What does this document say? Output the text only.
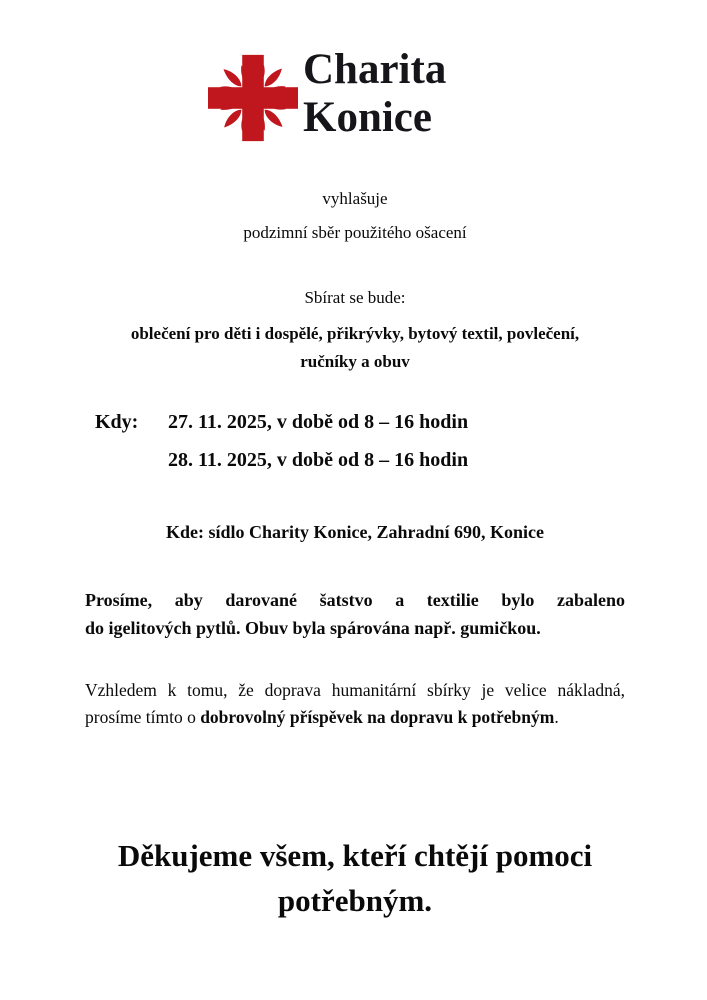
Charita
Konice
vyhlašuje
podzimní sběr použitého ošacení
Sbírat se bude:
oblečení pro děti i dospělé, přikrývky, bytový textil, povlečení,
ručníky a obuv
Kdy:	27. 11. 2025, v době od 8 – 16 hodin
28. 11. 2025, v době od 8 – 16 hodin
Kde: sídlo Charity Konice, Zahradní 690, Konice
Prosíme, aby darované šatstvo a textilie bylo zabaleno
do igelitových pytlů. Obuv byla spárována např. gumičkou.
Vzhledem k tomu, že doprava humanitární sbírky je velice nákladná,
prosíme tímto o dobrovolný příspěvek na dopravu k potřebným.
Děkujeme všem, kteří chtějí pomoci potřebným.
